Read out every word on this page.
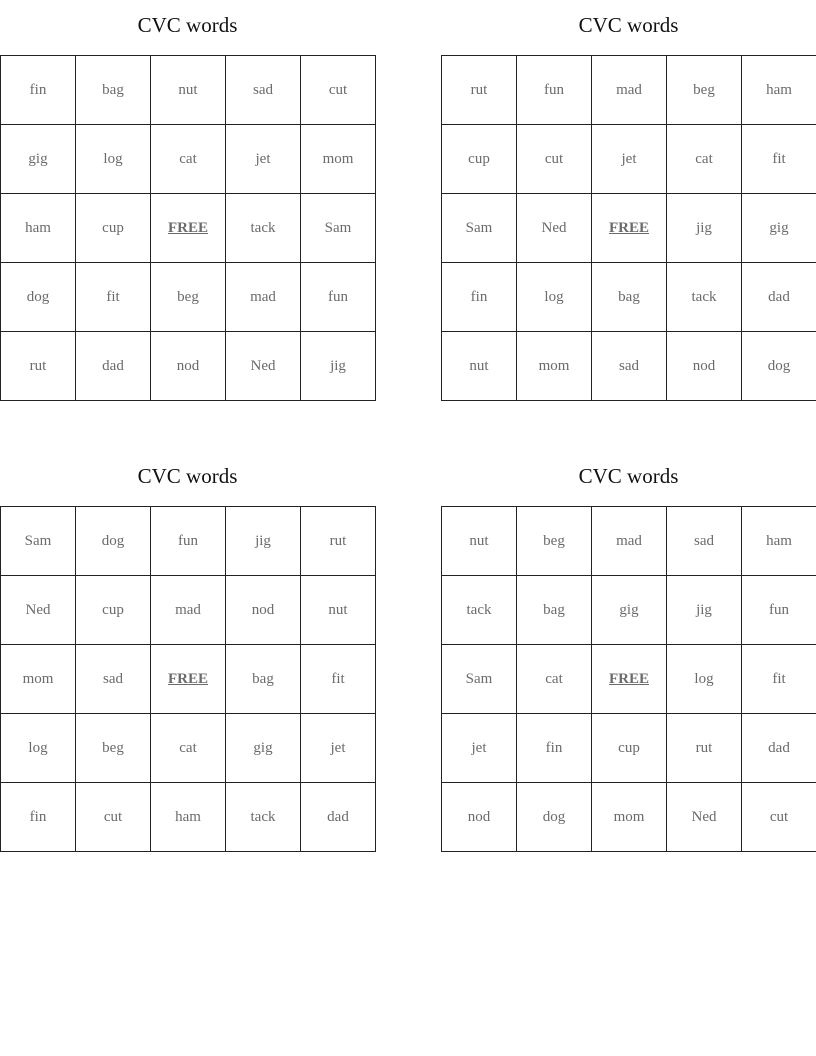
CVC words
fin	bag	nut	sad	cut
gig	log	cat	jet	mom
ham	cup	FREE	tack	Sam
dog	fit	beg	mad	fun
rut	dad	nod	Ned	jig
CVC words
rut	fun	mad	beg	ham
cup	cut	jet	cat	fit
Sam	Ned	FREE	jig	gig
fin	log	bag	tack	dad
nut	mom	sad	nod	dog
CVC words
Sam	dog	fun	jig	rut
Ned	cup	mad	nod	nut
mom	sad	FREE	bag	fit
log	beg	cat	gig	jet
fin	cut	ham	tack	dad
CVC words
nut	beg	mad	sad	ham
tack	bag	gig	jig	fun
Sam	cat	FREE	log	fit
jet	fin	cup	rut	dad
nod	dog	mom	Ned	cut
